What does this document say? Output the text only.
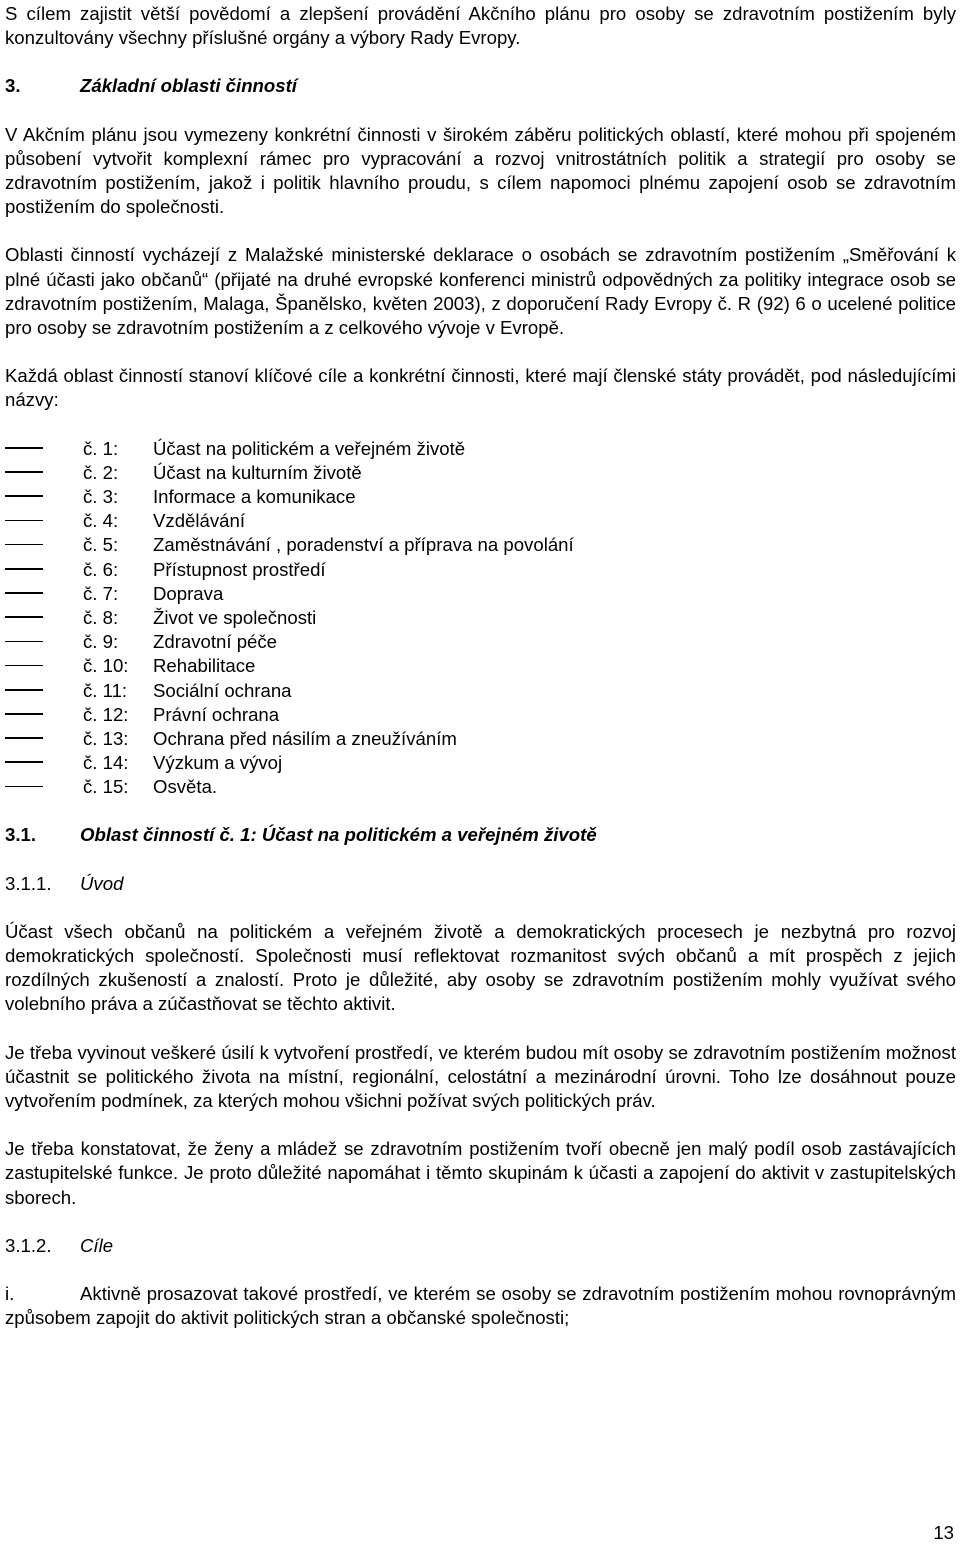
S cílem zajistit větší povědomí a zlepšení provádění Akčního plánu pro osoby se zdravotním postižením byly konzultovány všechny příslušné orgány a výbory Rady Evropy.

3.	Základní oblasti činností

V Akčním plánu jsou vymezeny konkrétní činnosti v širokém záběru politických oblastí, které mohou při spojeném působení vytvořit komplexní rámec pro vypracování a rozvoj vnitrostátních politik a strategií pro osoby se zdravotním postižením, jakož i politik hlavního proudu, s cílem napomoci plnému zapojení osob se zdravotním postižením do společnosti.

Oblasti činností vycházejí z Malažské ministerské deklarace o osobách se zdravotním postižením „Směřování k plné účasti jako občanů“ (přijaté na druhé evropské konferenci ministrů odpovědných za politiky integrace osob se zdravotním postižením, Malaga, Španělsko, květen 2003), z doporučení Rady Evropy č. R (92) 6 o ucelené politice pro osoby se zdravotním postižením a z celkového vývoje v Evropě.

Každá oblast činností stanoví klíčové cíle a konkrétní činnosti, které mají členské státy provádět, pod následujícími názvy:

č. 1:	Účast na politickém a veřejném životě
č. 2:	Účast na kulturním životě
č. 3:	Informace a komunikace
č. 4:	Vzdělávání
č. 5:	Zaměstnávání , poradenství a příprava na povolání
č. 6:	Přístupnost prostředí
č. 7:	Doprava
č. 8:	Život ve společnosti
č. 9:	Zdravotní péče
č. 10:	Rehabilitace
č. 11:	Sociální ochrana
č. 12:	Právní ochrana
č. 13:	Ochrana před násilím a zneužíváním
č. 14:	Výzkum a vývoj
č. 15:	Osvěta.
3.1.	Oblast činností č. 1: Účast na politickém a veřejném životě
3.1.1.	Úvod

Účast všech občanů na politickém a veřejném životě a demokratických procesech je nezbytná pro rozvoj demokratických společností. Společnosti musí reflektovat rozmanitost svých občanů a mít prospěch z jejich rozdílných zkušeností a znalostí. Proto je důležité, aby osoby se zdravotním postižením mohly využívat svého volebního práva a zúčastňovat se těchto aktivit.

Je třeba vyvinout veškeré úsilí k vytvoření prostředí, ve kterém budou mít osoby se zdravotním postižením možnost účastnit se politického života na místní, regionální, celostátní a mezinárodní úrovni. Toho lze dosáhnout pouze vytvořením podmínek, za kterých mohou všichni požívat svých politických práv.

Je třeba konstatovat, že ženy a mládež se zdravotním postižením tvoří obecně jen malý podíl osob zastávajících zastupitelské funkce. Je proto důležité napomáhat i těmto skupinám k účasti a zapojení do aktivit v zastupitelských sborech.

3.1.2.	Cíle

i.	Aktivně prosazovat takové prostředí, ve kterém se osoby se zdravotním postižením mohou rovnoprávným způsobem zapojit do aktivit politických stran a občanské společnosti;

13
